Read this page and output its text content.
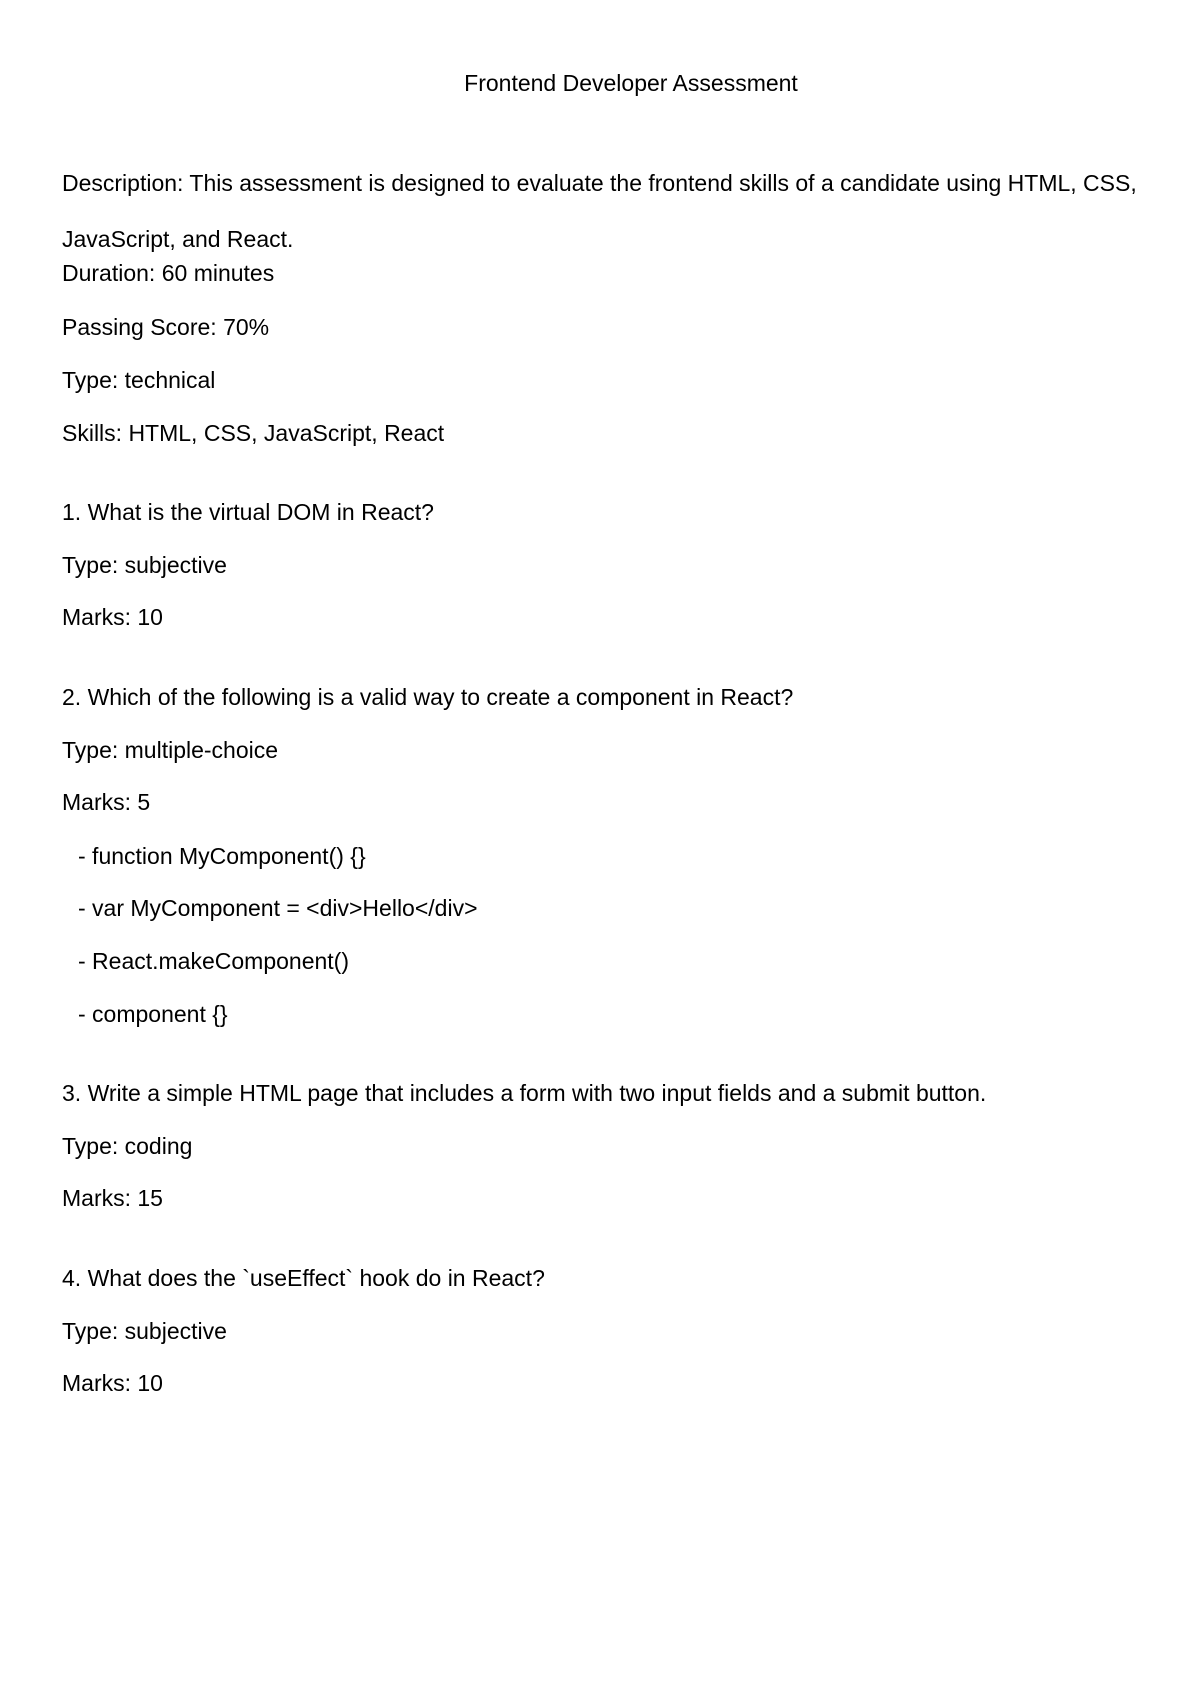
Frontend Developer Assessment
Description: This assessment is designed to evaluate the frontend skills of a candidate using HTML, CSS, JavaScript, and React.
Duration: 60 minutes
Passing Score: 70%
Type: technical
Skills: HTML, CSS, JavaScript, React
1. What is the virtual DOM in React?
Type: subjective
Marks: 10
2. Which of the following is a valid way to create a component in React?
Type: multiple-choice
Marks: 5
- function MyComponent() {}
- var MyComponent = <div>Hello</div>
- React.makeComponent()
- component {}
3. Write a simple HTML page that includes a form with two input fields and a submit button.
Type: coding
Marks: 15
4. What does the `useEffect` hook do in React?
Type: subjective
Marks: 10
